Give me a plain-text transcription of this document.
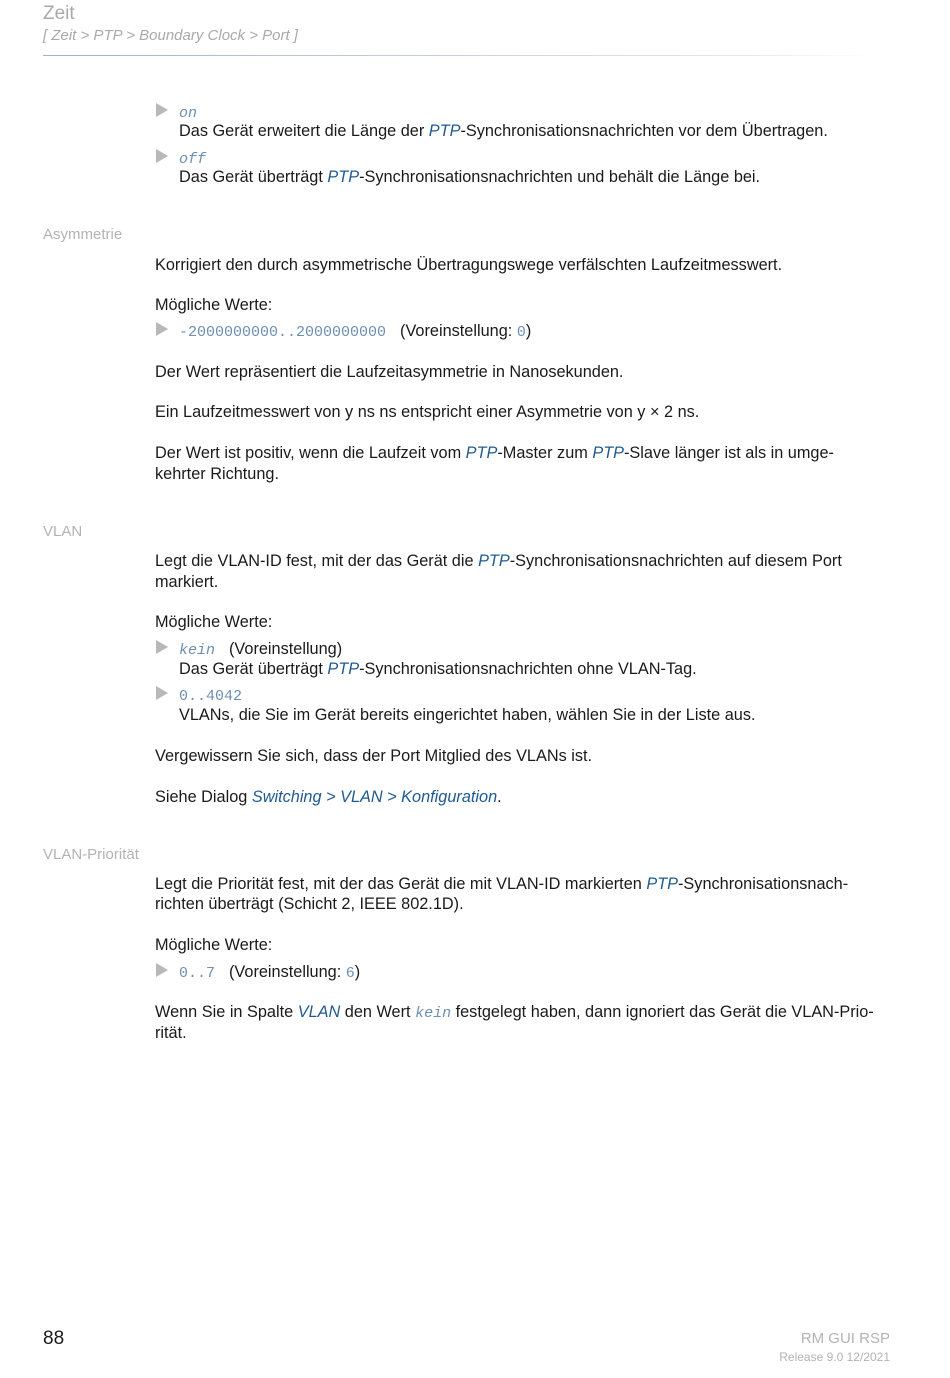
Zeit
[ Zeit > PTP > Boundary Clock > Port ]
on
Das Gerät erweitert die Länge der PTP-Synchronisationsnachrichten vor dem Übertragen.
off
Das Gerät überträgt PTP-Synchronisationsnachrichten und behält die Länge bei.
Asymmetrie
Korrigiert den durch asymmetrische Übertragungswege verfälschten Laufzeitmesswert.
Mögliche Werte:
-2000000000..2000000000 (Voreinstellung: 0)
Der Wert repräsentiert die Laufzeitasymmetrie in Nanosekunden.
Ein Laufzeitmesswert von y ns ns entspricht einer Asymmetrie von y × 2 ns.
Der Wert ist positiv, wenn die Laufzeit vom PTP-Master zum PTP-Slave länger ist als in umge-
kehrter Richtung.
VLAN
Legt die VLAN-ID fest, mit der das Gerät die PTP-Synchronisationsnachrichten auf diesem Port
markiert.
Mögliche Werte:
kein (Voreinstellung)
Das Gerät überträgt PTP-Synchronisationsnachrichten ohne VLAN-Tag.
0..4042
VLANs, die Sie im Gerät bereits eingerichtet haben, wählen Sie in der Liste aus.
Vergewissern Sie sich, dass der Port Mitglied des VLANs ist.
Siehe Dialog Switching > VLAN > Konfiguration.
VLAN-Priorität
Legt die Priorität fest, mit der das Gerät die mit VLAN-ID markierten PTP-Synchronisationsnach-
richten überträgt (Schicht 2, IEEE 802.1D).
Mögliche Werte:
0..7 (Voreinstellung: 6)
Wenn Sie in Spalte VLAN den Wert kein festgelegt haben, dann ignoriert das Gerät die VLAN-Prio-
rität.
88	RM GUI RSP
Release 9.0 12/2021
